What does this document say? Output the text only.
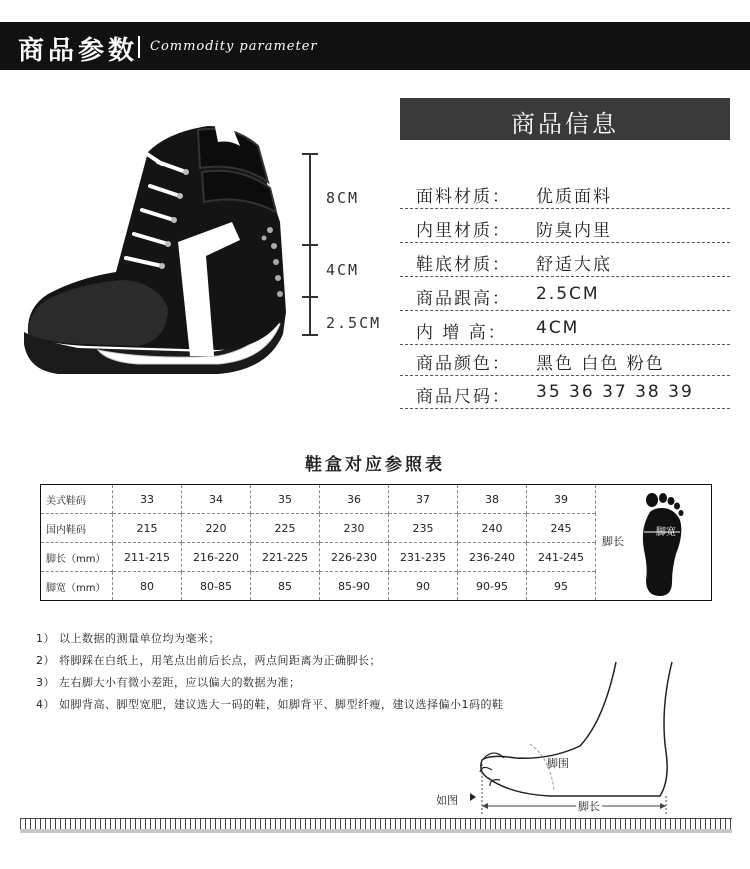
商品参数 Commodity parameter
8CM
4CM
2.5CM
商品信息
面料材质： 优质面料
内里材质： 防臭内里
鞋底材质： 舒适大底
商品跟高： 2.5CM
内 增 高： 4CM
商品颜色： 黑色 白色 粉色
商品尺码： 35 36 37 38 39
鞋盒对应参照表
美式鞋码	33	34	35	36	37	38	39	脚长
脚宽

国内鞋码	215	220	225	230	235	240	245	
脚长（mm）	211-215	216-220	221-225	226-230	231-235	236-240	241-245	
脚宽（mm）	80	80-85	85	85-90	90	90-95	95	
1） 以上数据的测量单位均为毫米；
2） 将脚踩在白纸上，用笔点出前后长点，两点间距离为正确脚长；
3） 左右脚大小有微小差距，应以偏大的数据为准；
4） 如脚背高、脚型宽肥，建议选大一码的鞋，如脚背平、脚型纤瘦，建议选择偏小1码的鞋
如图
脚围
脚长
